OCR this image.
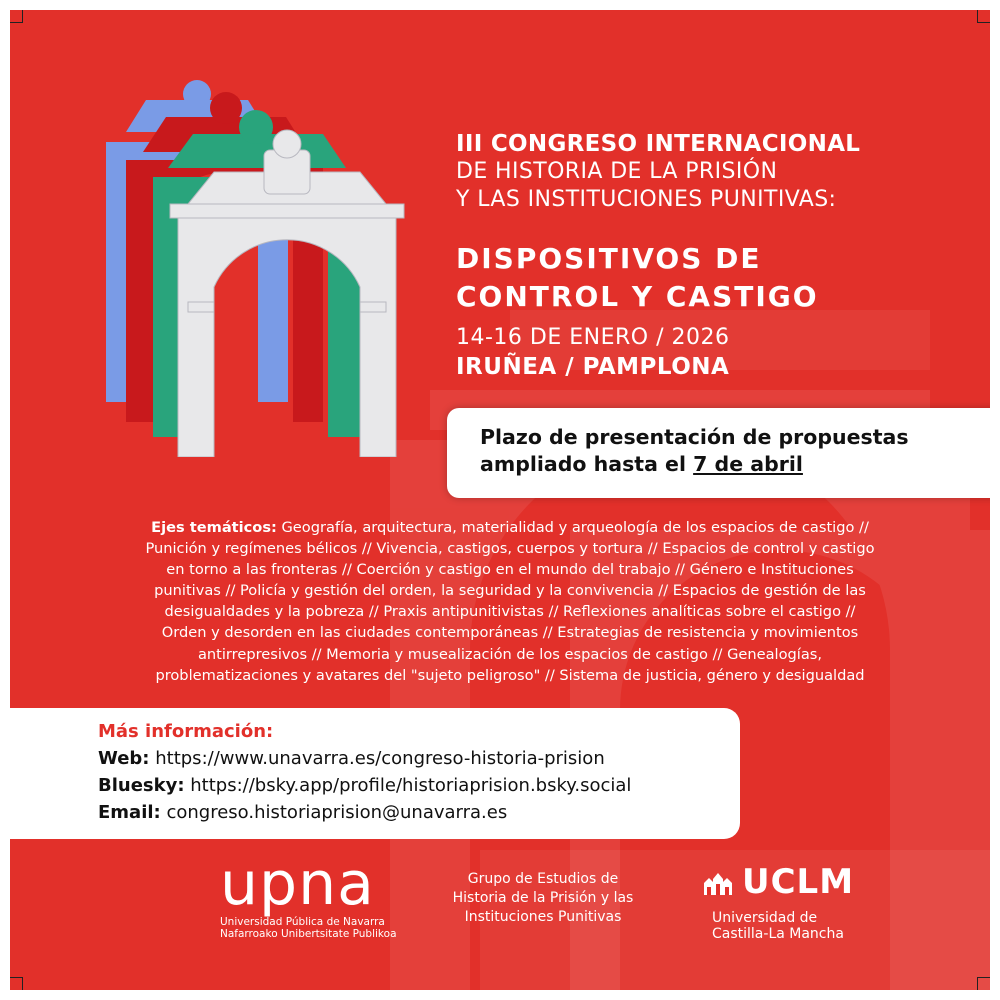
III CONGRESO INTERNACIONAL
DE HISTORIA DE LA PRISIÓN
Y LAS INSTITUCIONES PUNITIVAS:
DISPOSITIVOS DE
CONTROL Y CASTIGO
14-16 DE ENERO / 2026
IRUÑEA / PAMPLONA
Plazo de presentación de propuestas
ampliado hasta el 7 de abril
Ejes temáticos: Geografía, arquitectura, materialidad y arqueología de los espacios de castigo //
Punición y regímenes bélicos // Vivencia, castigos, cuerpos y tortura // Espacios de control y castigo
en torno a las fronteras // Coerción y castigo en el mundo del trabajo // Género e Instituciones
punitivas // Policía y gestión del orden, la seguridad y la convivencia // Espacios de gestión de las
desigualdades y la pobreza // Praxis antipunitivistas // Reflexiones analíticas sobre el castigo //
Orden y desorden en las ciudades contemporáneas // Estrategias de resistencia y movimientos
antirrepresivos // Memoria y musealización de los espacios de castigo // Genealogías,
problematizaciones y avatares del "sujeto peligroso" // Sistema de justicia, género y desigualdad
Más información:
Web: https://www.unavarra.es/congreso-historia-prision
Bluesky: https://bsky.app/profile/historiaprision.bsky.social
Email: congreso.historiaprision@unavarra.es
upna
Universidad Pública de Navarra
Nafarroako Unibertsitate Publikoa
Grupo de Estudios de
Historia de la Prisión y las
Instituciones Punitivas
UCLM
Universidad de
Castilla-La Mancha
